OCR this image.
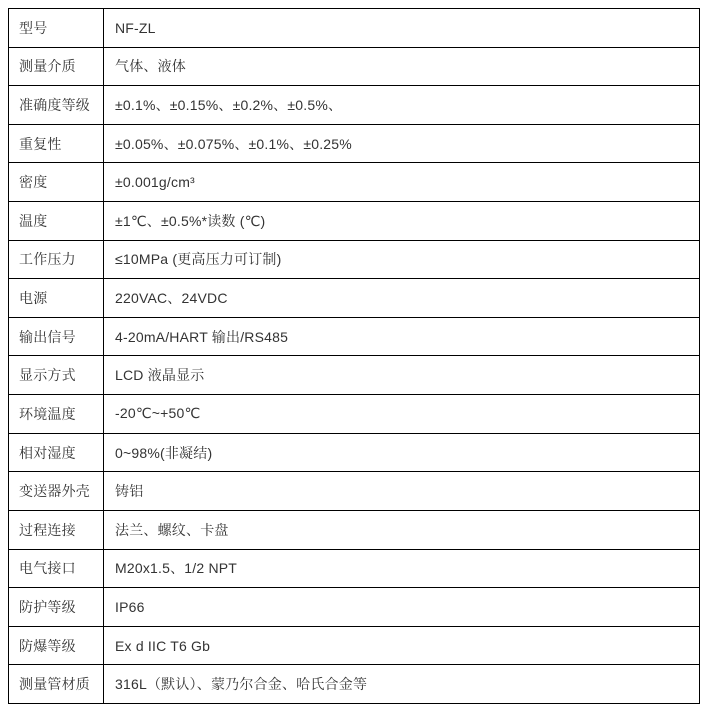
型号	NF-ZL
测量介质	气体、液体
准确度等级	±0.1%、±0.15%、±0.2%、±0.5%、
重复性	±0.05%、±0.075%、±0.1%、±0.25%
密度	±0.001g/cm³
温度	±1℃、±0.5%*读数 (℃)
工作压力	≤10MPa (更高压力可订制)
电源	220VAC、24VDC
输出信号	4-20mA/HART 输出/RS485
显示方式	LCD 液晶显示
环境温度	-20℃~+50℃
相对湿度	0~98%(非凝结)
变送器外壳	铸铝
过程连接	法兰、螺纹、卡盘
电气接口	M20x1.5、1/2 NPT
防护等级	IP66
防爆等级	Ex d IIC T6 Gb
测量管材质	316L（默认）、蒙乃尔合金、哈氏合金等
